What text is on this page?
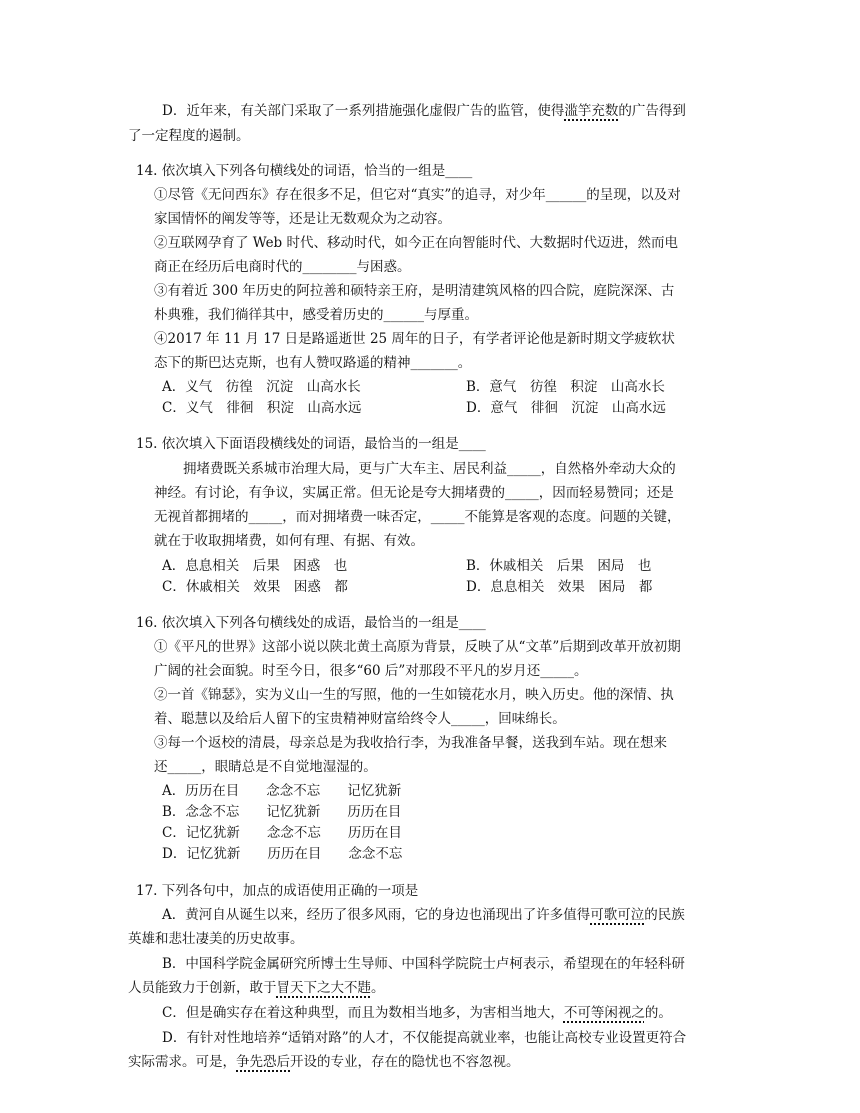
D．近年来，有关部门采取了一系列措施强化虚假广告的监管，使得滥竽充数的广告得到
了一定程度的遏制。
14. 依次填入下列各句横线处的词语，恰当的一组是____
①尽管《无问西东》存在很多不足，但它对“真实”的追寻，对少年______的呈现，以及对
家国情怀的阐发等等，还是让无数观众为之动容。
②互联网孕育了 Web 时代、移动时代，如今正在向智能时代、大数据时代迈进，然而电
商正在经历后电商时代的________与困惑。
③有着近 300 年历史的阿拉善和硕特亲王府，是明清建筑风格的四合院，庭院深深、古
朴典雅，我们徜徉其中，感受着历史的______与厚重。
④2017 年 11 月 17 日是路遥逝世 25 周年的日子，有学者评论他是新时期文学疲软状
态下的斯巴达克斯，也有人赞叹路遥的精神_______。
A．义气　彷徨　沉淀　山高水长	B．意气　彷徨　积淀　山高水长
C．义气　徘徊　积淀　山高水远	D．意气　徘徊　沉淀　山高水远
15. 依次填入下面语段横线处的词语，最恰当的一组是____
拥堵费既关系城市治理大局，更与广大车主、居民利益_____，自然格外牵动大众的
神经。有讨论，有争议，实属正常。但无论是夸大拥堵费的_____，因而轻易赞同；还是
无视首都拥堵的_____，而对拥堵费一味否定，_____不能算是客观的态度。问题的关键，
就在于收取拥堵费，如何有理、有据、有效。
A．息息相关　后果　困惑　也	B．休戚相关　后果　困局　也
C．休戚相关　效果　困惑　都	D．息息相关　效果　困局　都
16. 依次填入下列各句横线处的成语，最恰当的一组是____
①《平凡的世界》这部小说以陕北黄土高原为背景，反映了从“文革”后期到改革开放初期
广阔的社会面貌。时至今日，很多“60 后”对那段不平凡的岁月还_____。
②一首《锦瑟》，实为义山一生的写照，他的一生如镜花水月，映入历史。他的深情、执
着、聪慧以及给后人留下的宝贵精神财富给终令人_____，回味绵长。
③每一个返校的清晨，母亲总是为我收拾行李，为我准备早餐，送我到车站。现在想来
还_____，眼睛总是不自觉地湿湿的。
A．历历在目　　念念不忘　　记忆犹新
B．念念不忘　　记忆犹新　　历历在目
C．记忆犹新　　念念不忘　　历历在目
D．记忆犹新　　历历在目　　念念不忘
17. 下列各句中，加点的成语使用正确的一项是
A．黄河自从诞生以来，经历了很多风雨，它的身边也涌现出了许多值得可歌可泣的民族
英雄和悲壮凄美的历史故事。
B．中国科学院金属研究所博士生导师、中国科学院院士卢柯表示，希望现在的年轻科研
人员能致力于创新，敢于冒天下之大不韪。
C．但是确实存在着这种典型，而且为数相当地多，为害相当地大，不可等闲视之的。
D．有针对性地培养“适销对路”的人才，不仅能提高就业率，也能让高校专业设置更符合
实际需求。可是，争先恐后开设的专业，存在的隐忧也不容忽视。
